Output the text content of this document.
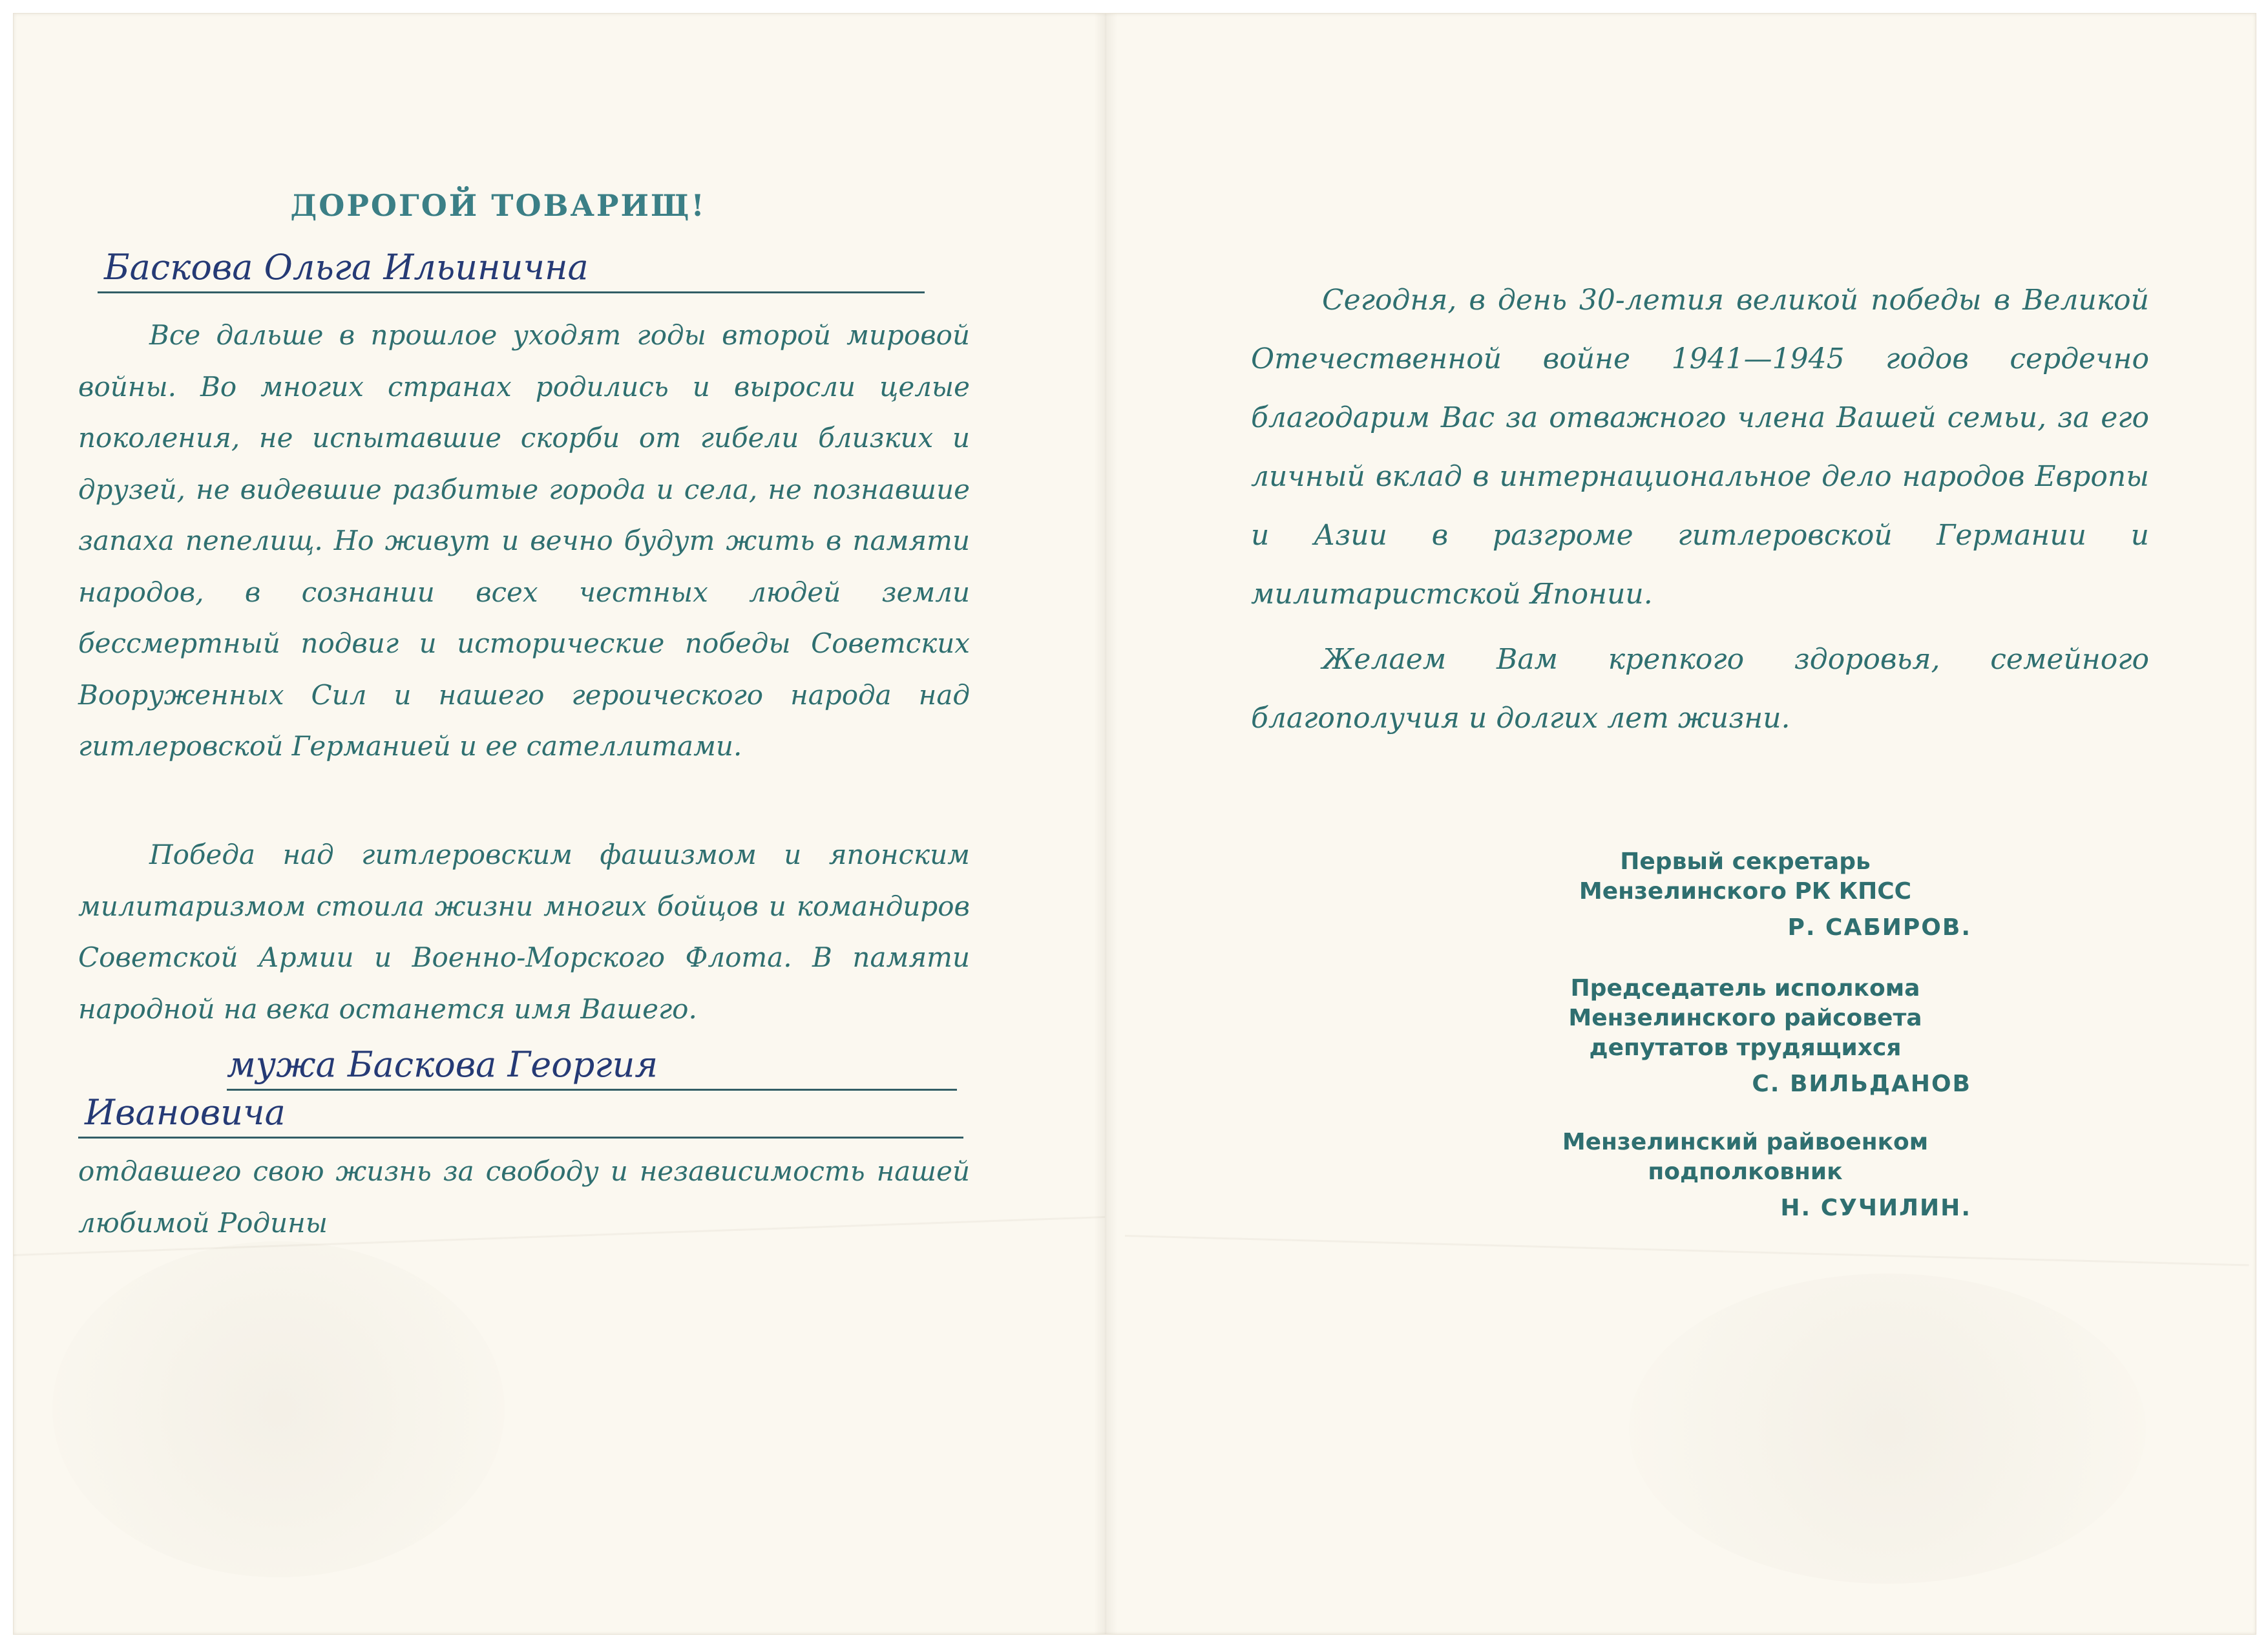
ДОРОГОЙ ТОВАРИЩ!
Баскова Ольга Ильинична

Все дальше в прошлое уходят годы второй мировой войны. Во многих странах родились и выросли целые поколения, не испытавшие скорби от гибели близких и друзей, не видевшие разбитые города и села, не познавшие запаха пепелищ. Но живут и вечно будут жить в памяти народов, в сознании всех честных людей земли бессмертный подвиг и исторические победы Советских Вооруженных Сил и нашего героического народа над гитлеровской Германией и ее сателлитами.

Победа над гитлеровским фашизмом и японским милитаризмом стоила жизни многих бойцов и командиров Советской Армии и Военно-Морского Флота. В памяти народной на века останется имя Вашего.

мужа Баскова Георгия
Ивановича

отдавшего свою жизнь за свободу и независимость нашей любимой Родины

Сегодня, в день 30-летия великой победы в Великой Отечественной войне 1941—1945 годов сердечно благодарим Вас за отважного члена Вашей семьи, за его личный вклад в интернациональное дело народов Европы и Азии в разгроме гитлеровской Германии и милитаристской Японии.

Желаем Вам крепкого здоровья, семейного благополучия и долгих лет жизни.

Первый секретарь
Мензелинского РК КПСС
Р. САБИРОВ.
Председатель исполкома
Мензелинского райсовета
депутатов трудящихся
С. ВИЛЬДАНОВ
Мензелинский райвоенком
подполковник
Н. СУЧИЛИН.
